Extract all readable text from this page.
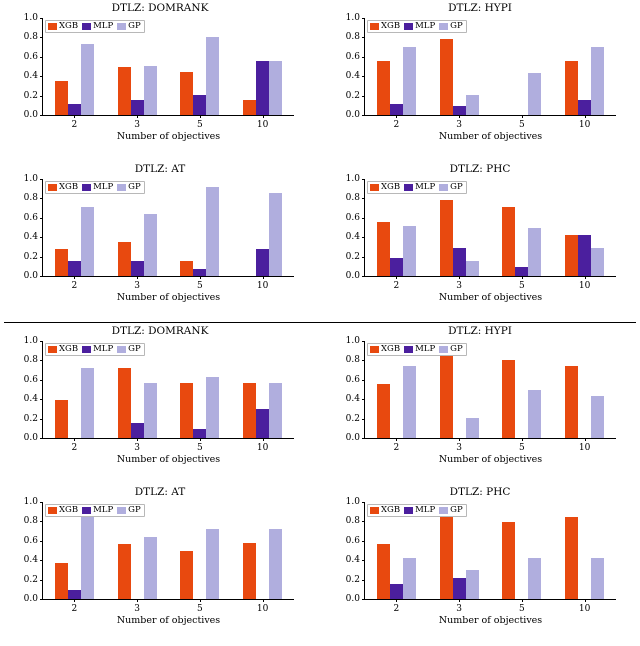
DTLZ: DOMRANK
0.0
0.2
0.4
0.6
0.8
1.0
2	3	5	10
Number of objectives
XGB MLP GP
DTLZ: HYPI
0.0
0.2
0.4
0.6
0.8
1.0
2	3	5	10
Number of objectives
XGB MLP GP
DTLZ: AT
0.0
0.2
0.4
0.6
0.8
1.0
2	3	5	10
Number of objectives
XGB MLP GP
DTLZ: PHC
0.0
0.2
0.4
0.6
0.8
1.0
2	3	5	10
Number of objectives
XGB MLP GP
DTLZ: DOMRANK
0.0
0.2
0.4
0.6
0.8
1.0
2	3	5	10
Number of objectives
XGB MLP GP
DTLZ: HYPI
0.0
0.2
0.4
0.6
0.8
1.0
2	3	5	10
Number of objectives
XGB MLP GP
DTLZ: AT
0.0
0.2
0.4
0.6
0.8
1.0
2	3	5	10
Number of objectives
XGB MLP GP
DTLZ: PHC
0.0
0.2
0.4
0.6
0.8
1.0
2	3	5	10
Number of objectives
XGB MLP GP
